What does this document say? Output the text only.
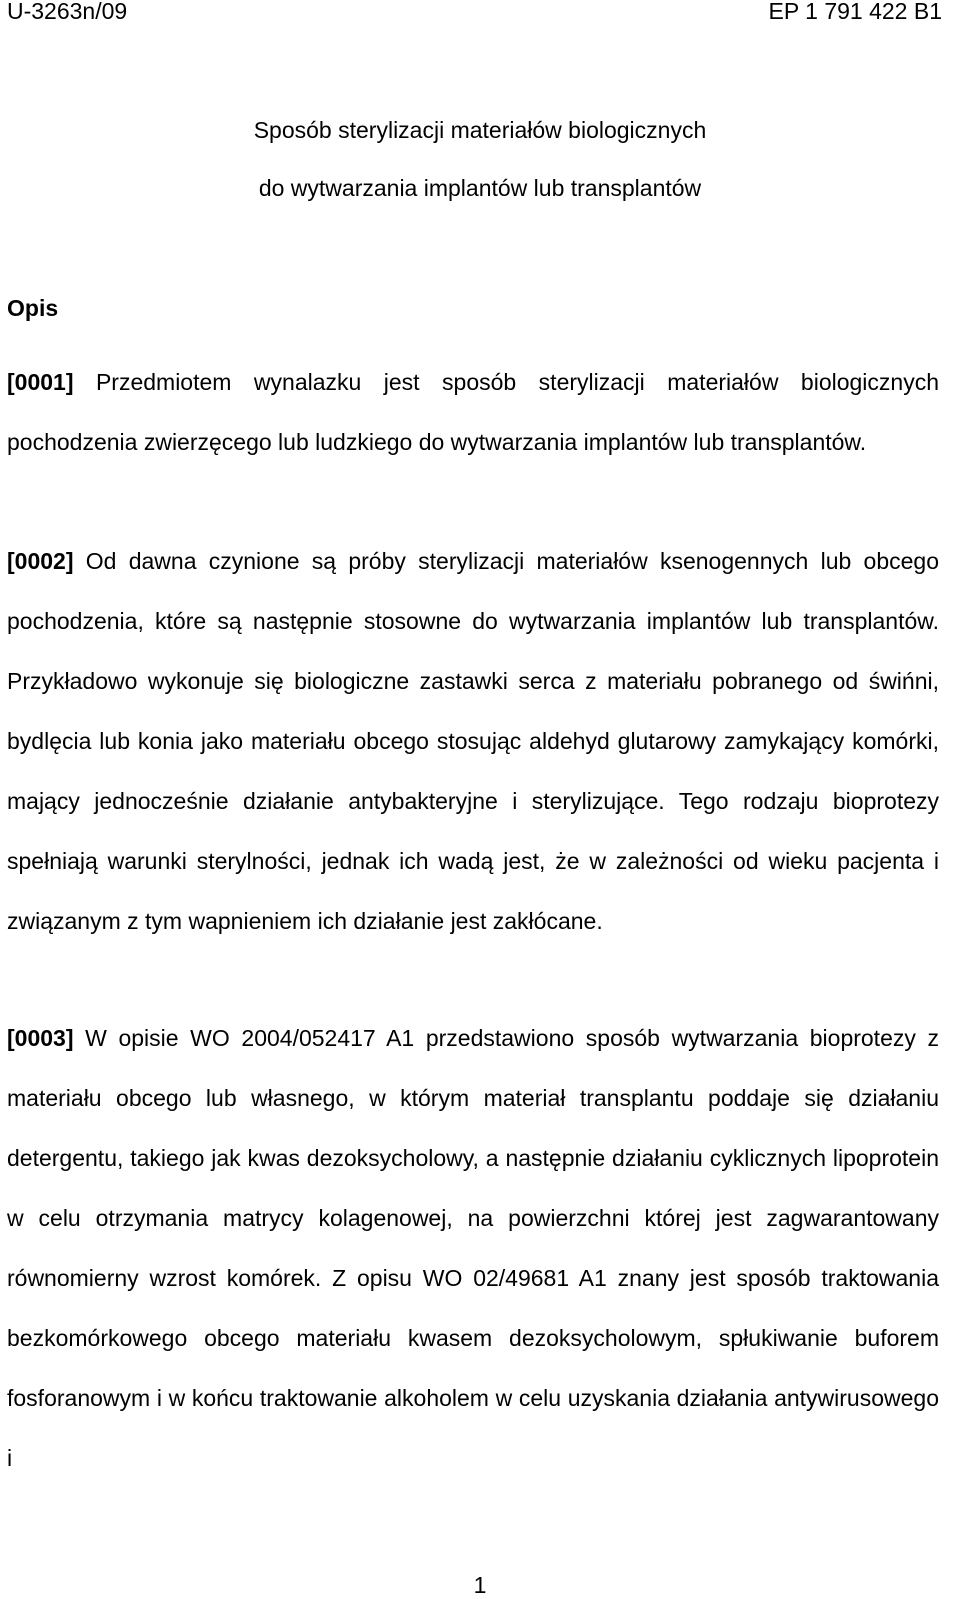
U-3263n/09	EP 1 791 422 B1
Sposób sterylizacji materiałów biologicznych
do wytwarzania implantów lub transplantów
Opis

[0001] Przedmiotem wynalazku jest sposób sterylizacji materiałów biologicznych pochodzenia zwierzęcego lub ludzkiego do wytwarzania implantów lub transplantów.

[0002] Od dawna czynione są próby sterylizacji materiałów ksenogennych lub obcego pochodzenia, które są następnie stosowne do wytwarzania implantów lub transplantów. Przykładowo wykonuje się biologiczne zastawki serca z materiału pobranego od świńni, bydlęcia lub konia jako materiału obcego stosując aldehyd glutarowy zamykający komórki, mający jednocześnie działanie antybakteryjne i sterylizujące. Tego rodzaju bioprotezy spełniają warunki sterylności, jednak ich wadą jest, że w zależności od wieku pacjenta i związanym z tym wapnieniem ich działanie jest zakłócane.

[0003] W opisie WO 2004/052417 A1 przedstawiono sposób wytwarzania bioprotezy z materiału obcego lub własnego, w którym materiał transplantu poddaje się działaniu detergentu, takiego jak kwas dezoksycholowy, a następnie działaniu cyklicznych lipoprotein w celu otrzymania matrycy kolagenowej, na powierzchni której jest zagwarantowany równomierny wzrost komórek. Z opisu WO 02/49681 A1 znany jest sposób traktowania bezkomórkowego obcego materiału kwasem dezoksycholowym, spłukiwanie buforem fosforanowym i w końcu traktowanie alkoholem w celu uzyskania działania antywirusowego i

1
